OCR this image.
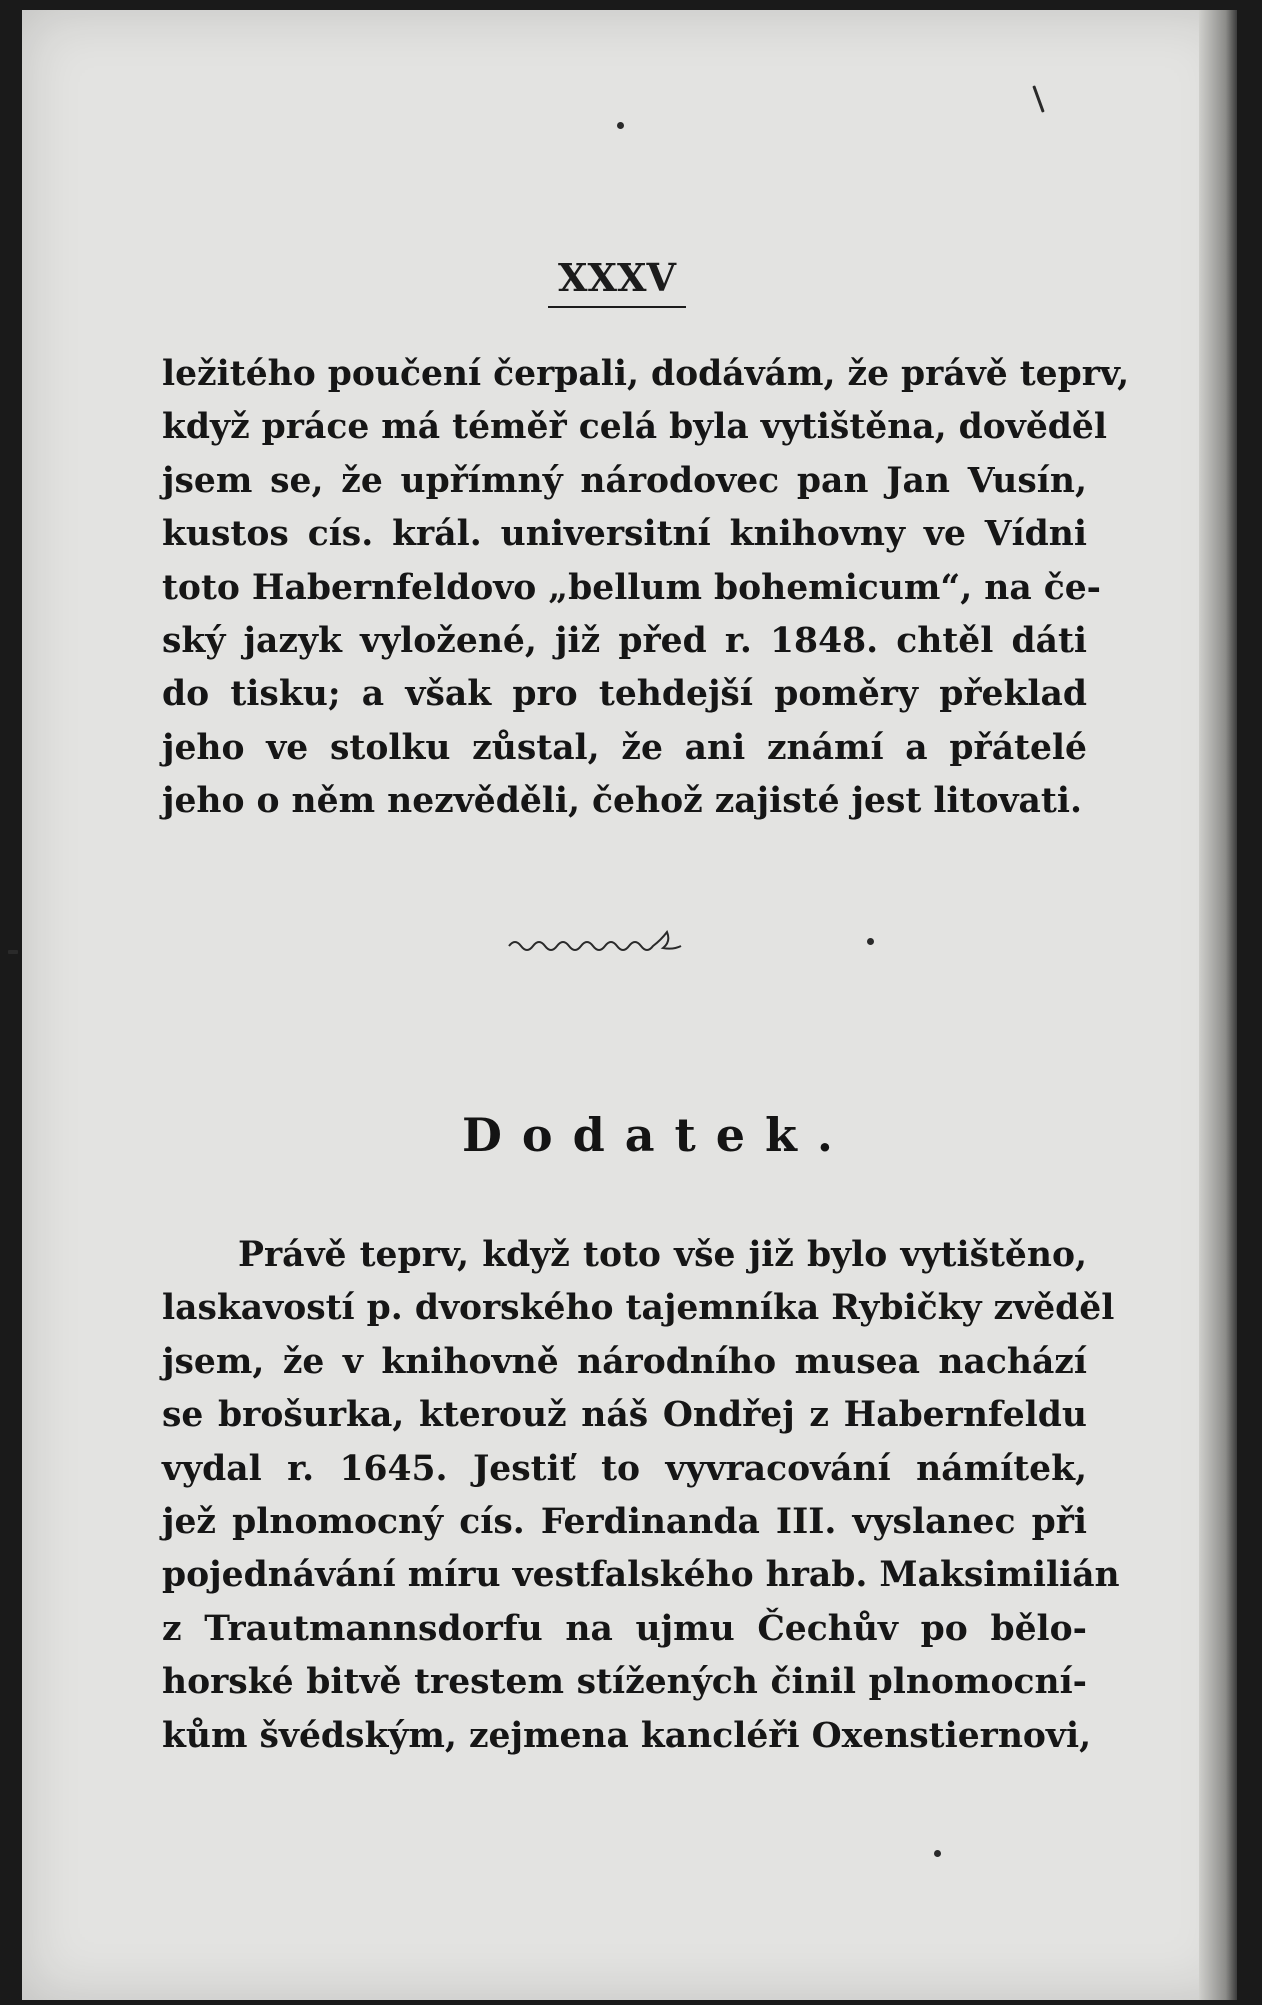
XXXV
ležitého poučení čerpali, dodávám, že právě teprv,
když práce má téměř celá byla vytištěna, dověděl
jsem se, že upřímný národovec pan Jan Vusín,
kustos cís. král. universitní knihovny ve Vídni
toto Habernfeldovo „bellum bohemicum“, na če-
ský jazyk vyložené, již před r. 1848. chtěl dáti
do tisku; a však pro tehdejší poměry překlad
jeho ve stolku zůstal, že ani známí a přátelé
jeho o něm nezvěděli, čehož zajisté jest litovati.
Dodatek.
Právě teprv, když toto vše již bylo vytištěno,
laskavostí p. dvorského tajemníka Rybičky zvěděl
jsem, že v knihovně národního musea nachází
se brošurka, kterouž náš Ondřej z Habernfeldu
vydal r. 1645. Jestiť to vyvracování námítek,
jež plnomocný cís. Ferdinanda III. vyslanec při
pojednávání míru vestfalského hrab. Maksimilián
z Trautmannsdorfu na ujmu Čechův po bělo-
horské bitvě trestem stížených činil plnomocní-
kům švédským, zejmena kancléři Oxenstiernovi,
